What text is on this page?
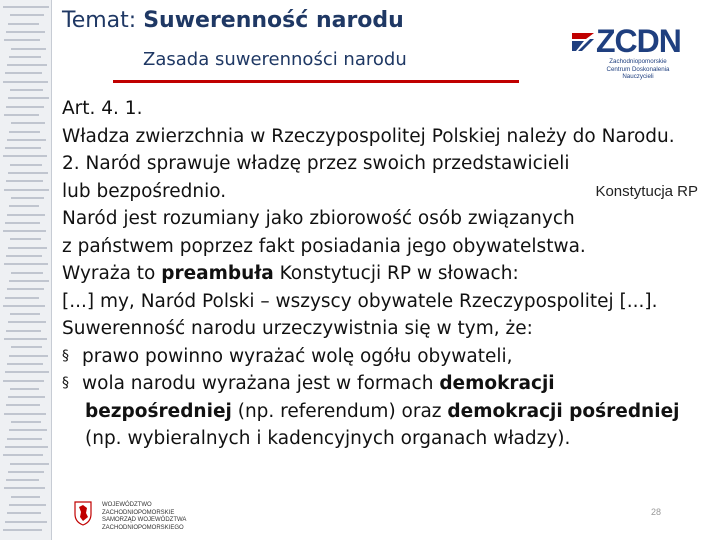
Temat: Suwerenność narodu
Zasada suwerenności narodu
ZCDN
Zachodniopomorskie
Centrum Doskonalenia Nauczycieli
Art. 4. 1.
Władza zwierzchnia w Rzeczypospolitej Polskiej należy do Narodu.
2. Naród sprawuje władzę przez swoich przedstawicieli
lub bezpośrednio.	Konstytucja RP
Naród jest rozumiany jako zbiorowość osób związanych
z państwem poprzez fakt posiadania jego obywatelstwa.
Wyraża to preambuła Konstytucji RP w słowach:
[...] my, Naród Polski – wszyscy obywatele Rzeczypospolitej [...].
Suwerenność narodu urzeczywistnia się w tym, że:
§ prawo powinno wyrażać wolę ogółu obywateli,
§ wola narodu wyrażana jest w formach demokracji
bezpośredniej (np. referendum) oraz demokracji pośredniej
(np. wybieralnych i kadencyjnych organach władzy).
WOJEWÓDZTWO ZACHODNIOPOMORSKIE
SAMORZĄD WOJEWÓDZTWA
ZACHODNIOPOMORSKIEGO
28
